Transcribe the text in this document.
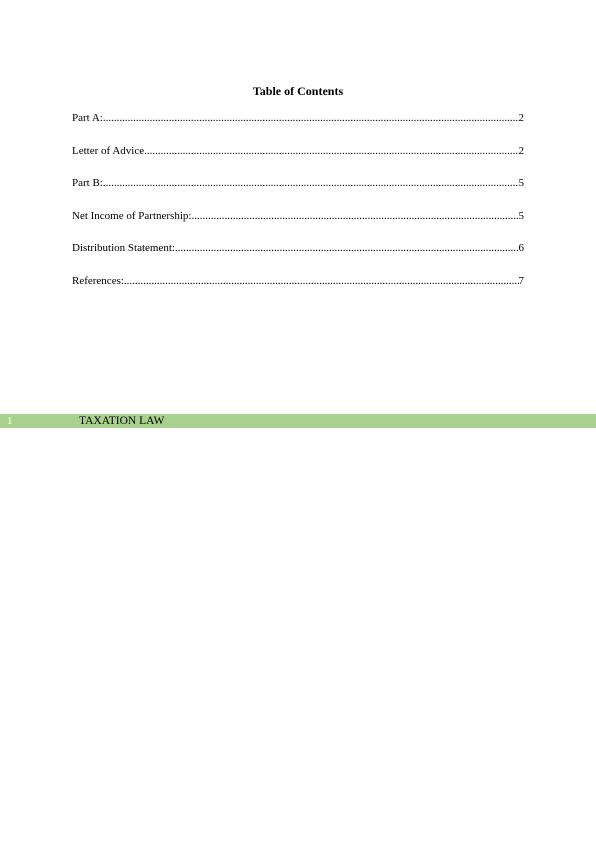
Table of Contents
Part A: .....	2
Letter of Advice .....	2
Part B: .....	5
Net Income of Partnership: .....	5
Distribution Statement: .....	6
References: .....	7
1	TAXATION LAW
